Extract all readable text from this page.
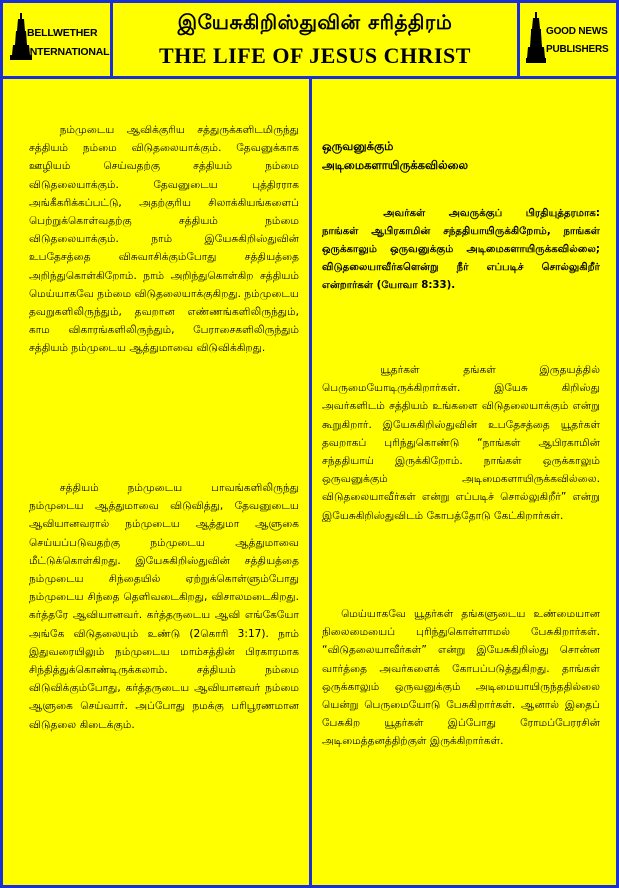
BELLWETHER
INTERNATIONAL
இயேசுகிறிஸ்துவின் சரித்திரம்
THE LIFE OF JESUS CHRIST
GOOD NEWS
PUBLISHERS

நம்முடைய ஆவிக்குரிய சத்துருக்களிடமிருந்து சத்தியம் நம்மை விடுதலையாக்கும். தேவனுக்காக ஊழியம் செய்வதற்கு சத்தியம் நம்மை விடுதலையாக்கும். தேவனுடைய புத்திரராக அங்கீகரிக்கப்பட்டு, அதற்குரிய சிலாக்கியங்களைப் பெற்றுக்கொள்வதற்கு சத்தியம் நம்மை விடுதலையாக்கும். நாம் இயேசுகிறிஸ்துவின் உபதேசத்தை விசுவாசிக்கும்போது சத்தியத்தை அறிந்துகொள்கிறோம். நாம் அறிந்துகொள்கிற சத்தியம் மெய்யாகவே நம்மை விடுதலையாக்குகிறது. நம்முடைய தவறுகளிலிருந்தும், தவறான எண்ணங்களிலிருந்தும், காம விகாரங்களிலிருந்தும், பேராசைகளிலிருந்தும் சத்தியம் நம்முடைய ஆத்துமாவை விடுவிக்கிறது.

சத்தியம் நம்முடைய பாவங்களிலிருந்து நம்முடைய ஆத்துமாவை விடுவித்து, தேவனுடைய ஆவியானவரால் நம்முடைய ஆத்துமா ஆளுகை செய்யப்படுவதற்கு நம்முடைய ஆத்துமாவை மீட்டுக்கொள்கிறது. இயேசுகிறிஸ்துவின் சத்தியத்தை நம்முடைய சிந்தையில் ஏற்றுக்கொள்ளும்போது நம்முடைய சிந்தை தெளிவடைகிறது, விசாலமடைகிறது. கர்த்தரே ஆவியானவர். கர்த்தருடைய ஆவி எங்கேயோ அங்கே விடுதலையும் உண்டு (2கொரி 3:17). நாம் இதுவரையிலும் நம்முடைய மாம்சத்தின் பிரகாரமாக சிந்தித்துக்கொண்டிருக்கலாம். சத்தியம் நம்மை விடுவிக்கும்போது, கர்த்தருடைய ஆவியானவர் நம்மை ஆளுகை செய்வார். அப்போது நமக்கு பரிபூரணமான விடுதலை கிடைக்கும்.

ஒருவனுக்கும்

அடிமைகளாயிருக்கவில்லை

அவர்கள் அவருக்குப் பிரதியுத்தரமாக: நாங்கள் ஆபிரகாமின் சந்ததியாயிருக்கிறோம், நாங்கள் ஒருக்காலும் ஒருவனுக்கும் அடிமைகளாயிருக்கவில்லை; விடுதலையாவீர்களென்று நீர் எப்படிச் சொல்லுகிறீர் என்றார்கள் (யோவா 8:33).

யூதர்கள் தங்கள் இருதயத்தில் பெருமையோடிருக்கிறார்கள். இயேசு கிறிஸ்து அவர்களிடம் சத்தியம் உங்களை விடுதலையாக்கும் என்று கூறுகிறார். இயேசுகிறிஸ்துவின் உபதேசத்தை யூதர்கள் தவறாகப் புரிந்துகொண்டு “நாங்கள் ஆபிரகாமின் சந்ததியாய் இருக்கிறோம். நாங்கள் ஒருக்காலும் ஒருவனுக்கும் அடிமைகளாயிருக்கவில்லை. விடுதலையாவீர்கள் என்று எப்படிச் சொல்லுகிறீர்” என்று இயேசுகிறிஸ்துவிடம் கோபத்தோடு கேட்கிறார்கள்.

மெய்யாகவே யூதர்கள் தங்களுடைய உண்மையான நிலைமையைப் புரிந்துகொள்ளாமல் பேசுகிறார்கள். “விடுதலையாவீர்கள்” என்று இயேசுகிறிஸ்து சொன்ன வார்த்தை அவர்களைக் கோபப்படுத்துகிறது. தாங்கள் ஒருக்காலும் ஒருவனுக்கும் அடிமையாயிருந்ததில்லை யென்று பெருமையோடு பேசுகிறார்கள். ஆனால் இதைப் பேசுகிற யூதர்கள் இப்போது ரோமப்பேரரசின் அடிமைத்தனத்திற்குள் இருக்கிறார்கள்.
